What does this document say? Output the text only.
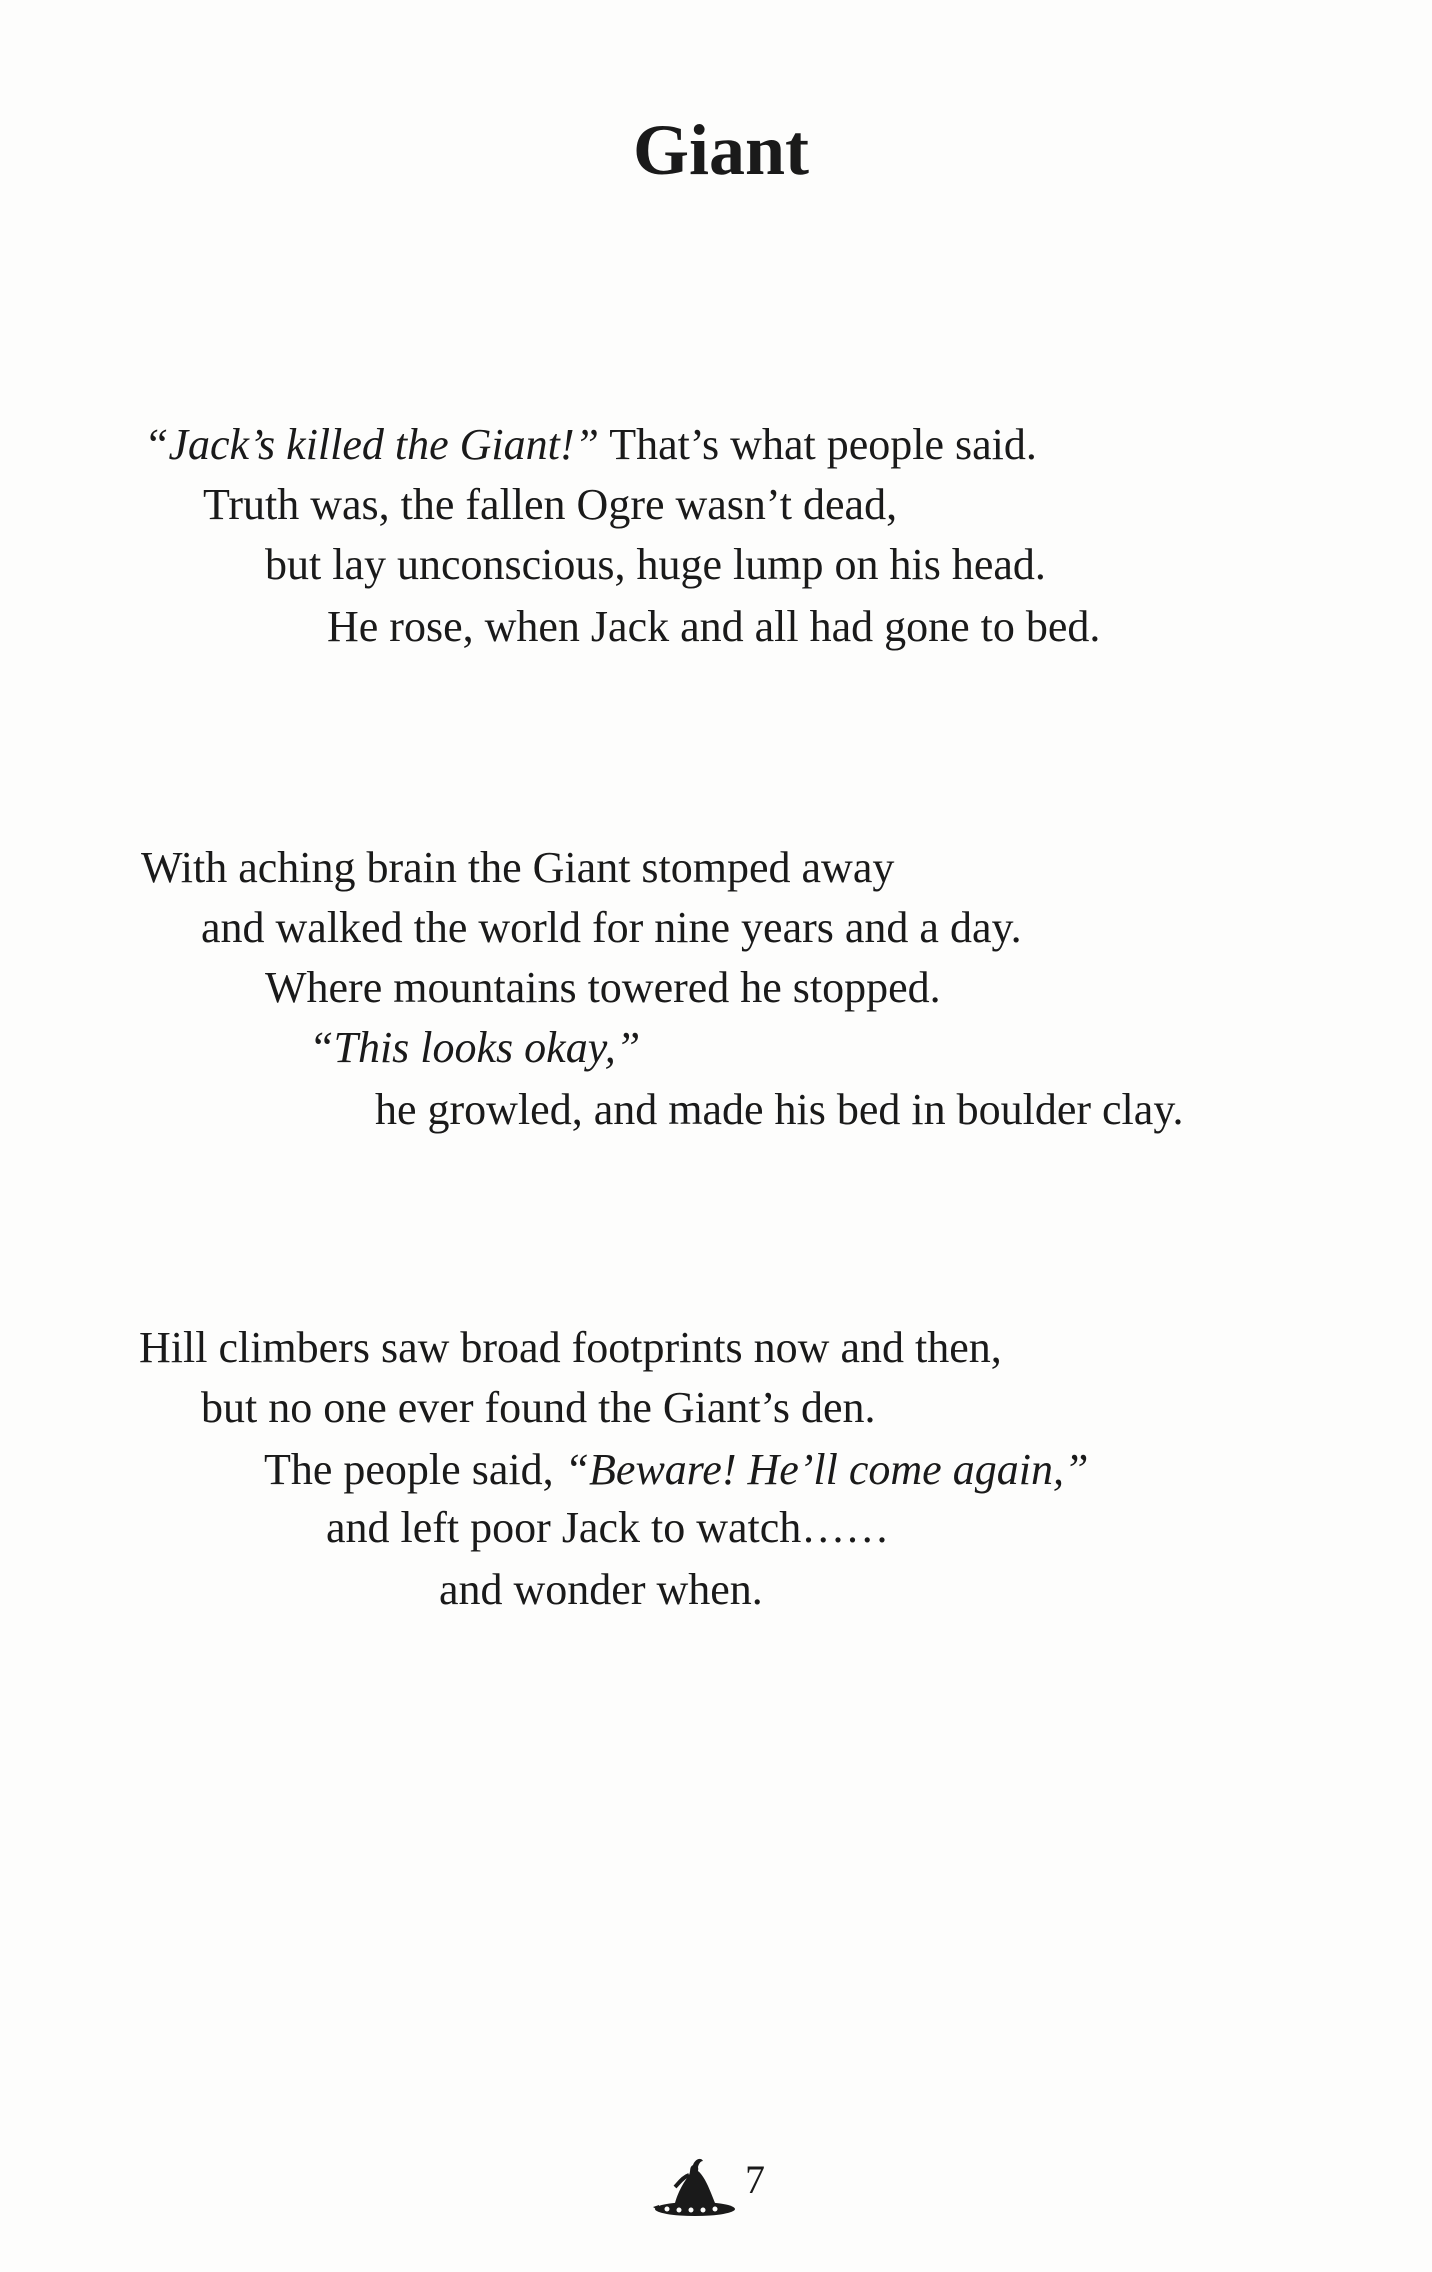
Giant
“Jack’s killed the Giant!” That’s what people said.
Truth was, the fallen Ogre wasn’t dead,
but lay unconscious, huge lump on his head.
He rose, when Jack and all had gone to bed.
With aching brain the Giant stomped away
and walked the world for nine years and a day.
Where mountains towered he stopped.
“This looks okay,”
he growled, and made his bed in boulder clay.
Hill climbers saw broad footprints now and then,
but no one ever found the Giant’s den.
The people said, “Beware! He’ll come again,”
and left poor Jack to watch……
and wonder when.
7
